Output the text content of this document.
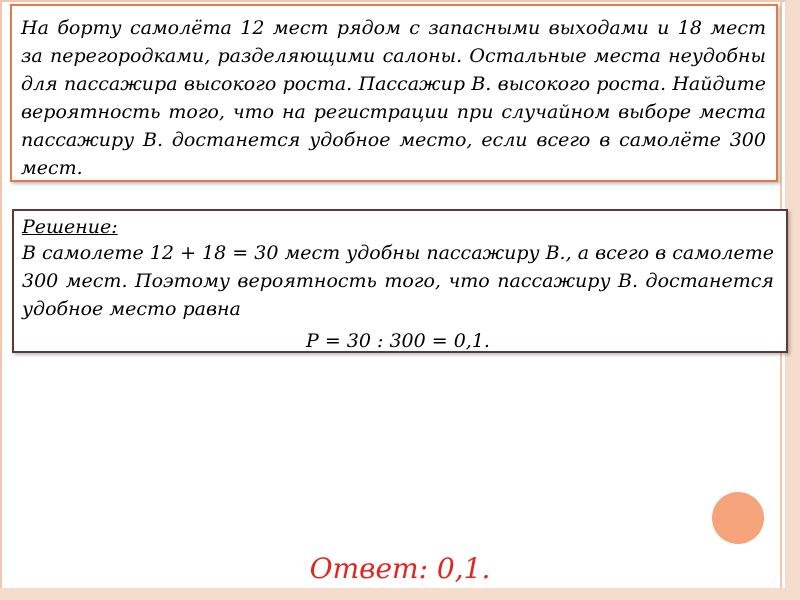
На борту самолёта 12 мест рядом с запасными выходами и 18 мест за перегородками, разделяющими салоны. Остальные места неудобны для пассажира высокого роста. Пассажир В. высокого роста. Найдите вероятность того, что на регистрации при случайном выборе места пассажиру В. достанется удобное место, если всего в самолёте 300 мест.

Решение:

В самолете 12 + 18 = 30 мест удобны пассажиру В., а всего в самолете 300 мест. Поэтому вероятность того, что пассажиру В. достанется удобное место равна

P = 30 : 300 = 0,1.
Ответ: 0,1.
